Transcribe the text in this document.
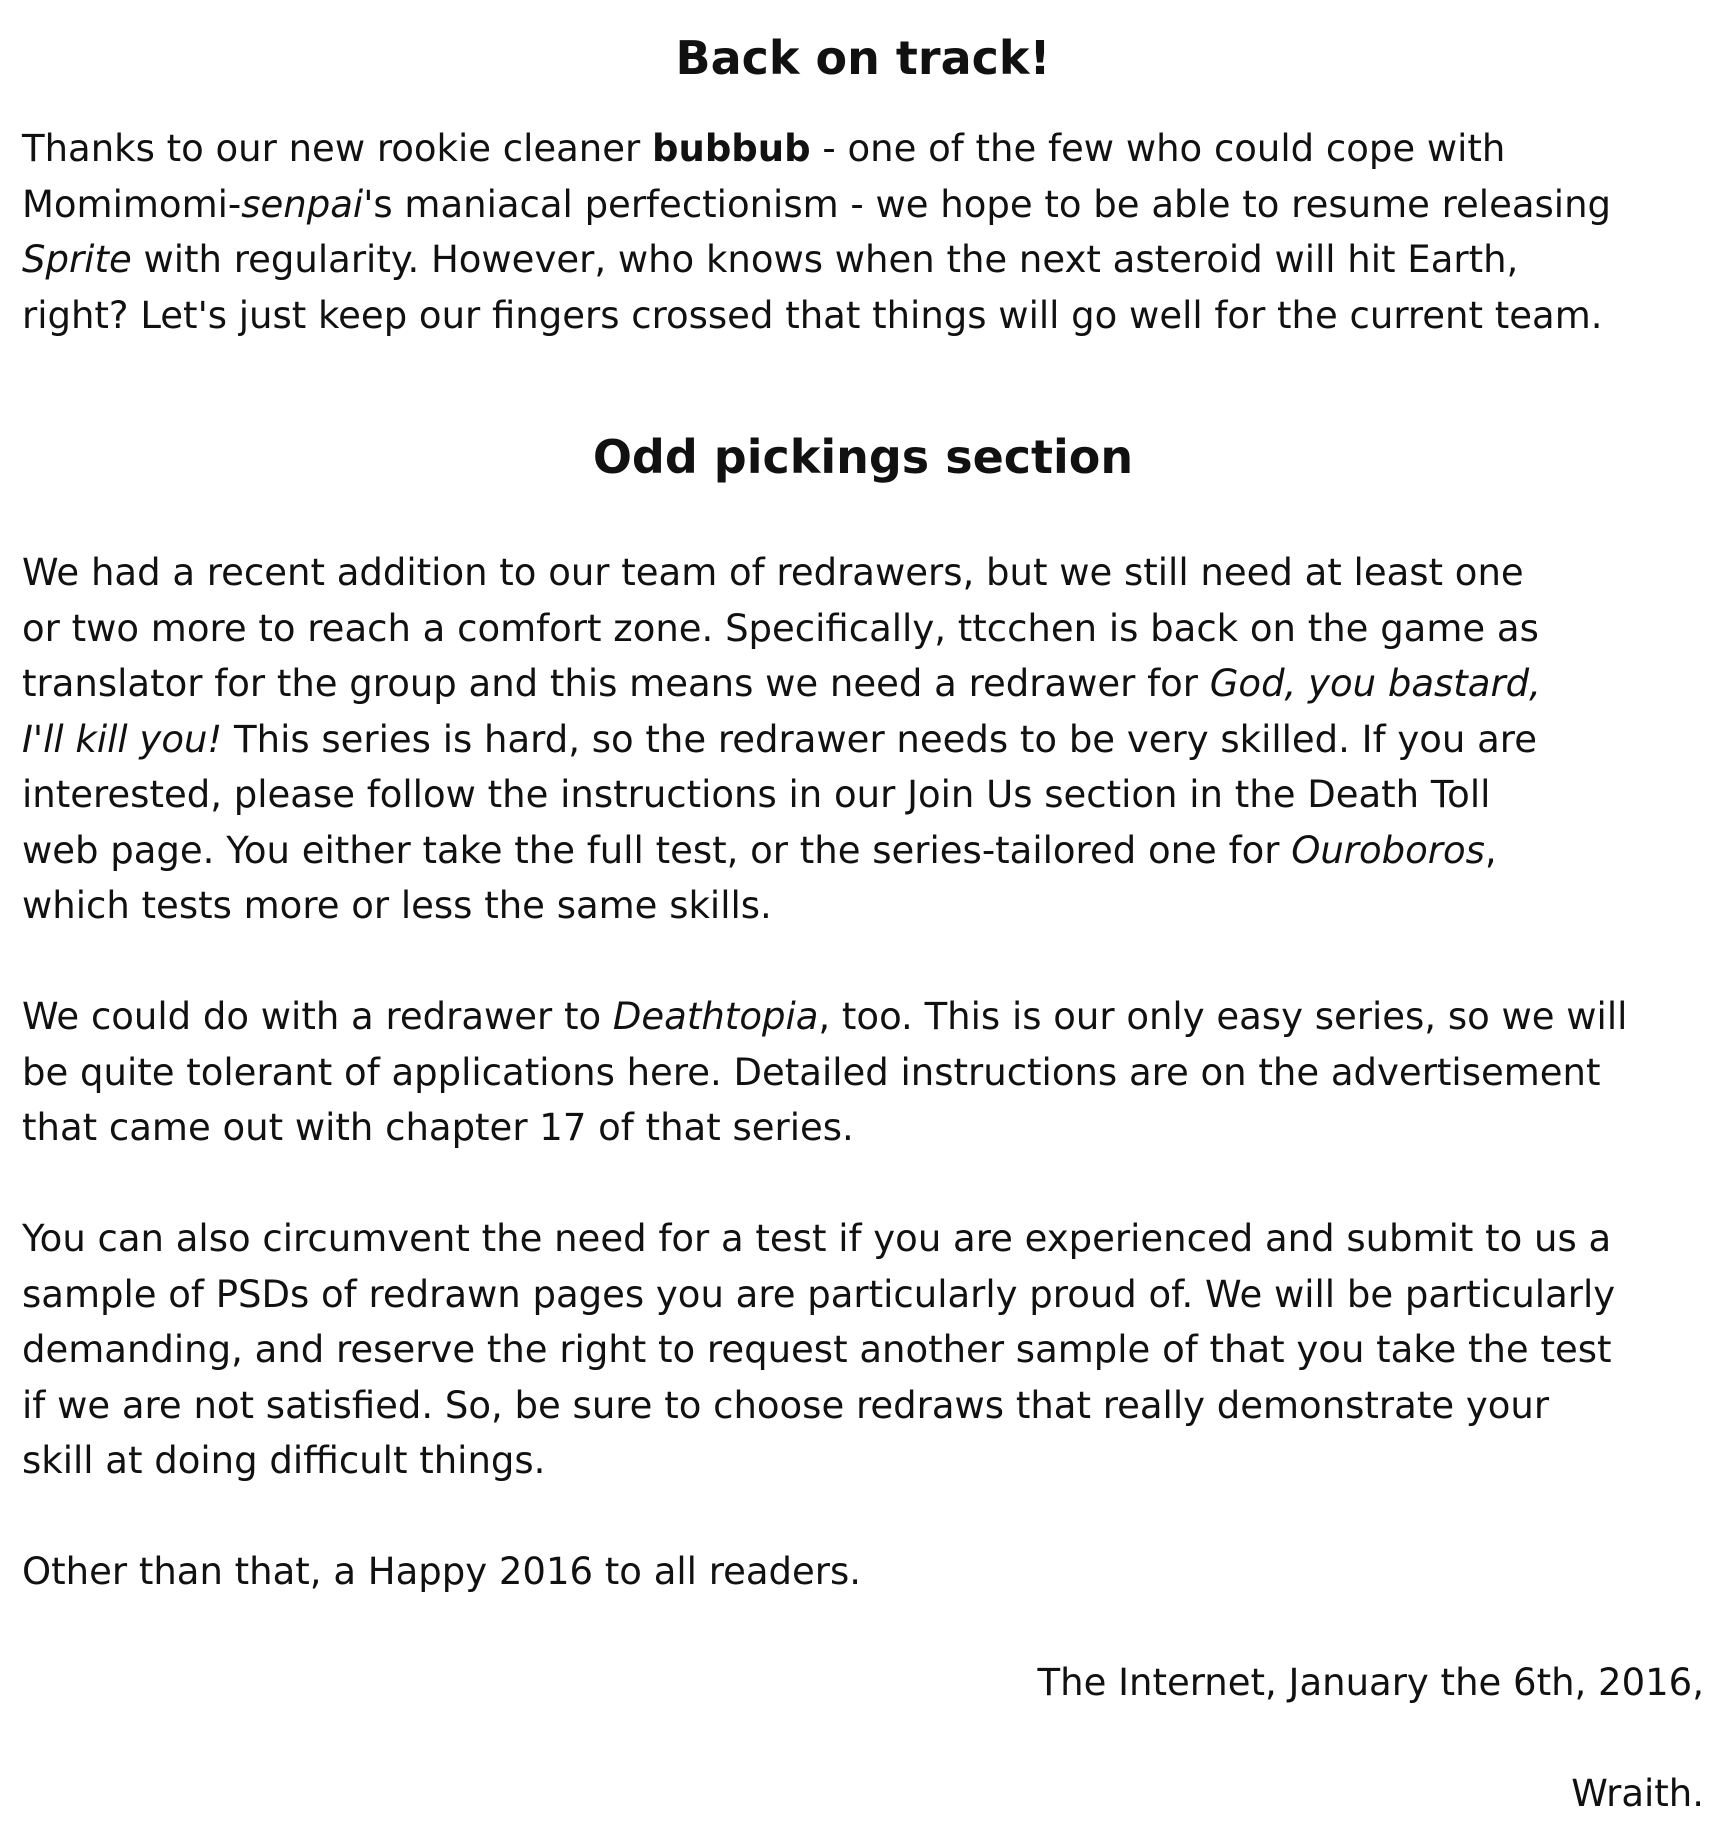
Back on track!

Thanks to our new rookie cleaner bubbub - one of the few who could cope with
Momimomi-senpai's maniacal perfectionism - we hope to be able to resume releasing
Sprite with regularity. However, who knows when the next asteroid will hit Earth,
right? Let's just keep our fingers crossed that things will go well for the current team.

Odd pickings section

We had a recent addition to our team of redrawers, but we still need at least one
or two more to reach a comfort zone. Specifically, ttcchen is back on the game as
translator for the group and this means we need a redrawer for God, you bastard,
I'll kill you! This series is hard, so the redrawer needs to be very skilled. If you are
interested, please follow the instructions in our Join Us section in the Death Toll
web page. You either take the full test, or the series-tailored one for Ouroboros,
which tests more or less the same skills.

We could do with a redrawer to Deathtopia, too. This is our only easy series, so we will
be quite tolerant of applications here. Detailed instructions are on the advertisement
that came out with chapter 17 of that series.

You can also circumvent the need for a test if you are experienced and submit to us a
sample of PSDs of redrawn pages you are particularly proud of. We will be particularly
demanding, and reserve the right to request another sample of that you take the test
if we are not satisfied. So, be sure to choose redraws that really demonstrate your
skill at doing difficult things.

Other than that, a Happy 2016 to all readers.

The Internet, January the 6th, 2016,

Wraith.
